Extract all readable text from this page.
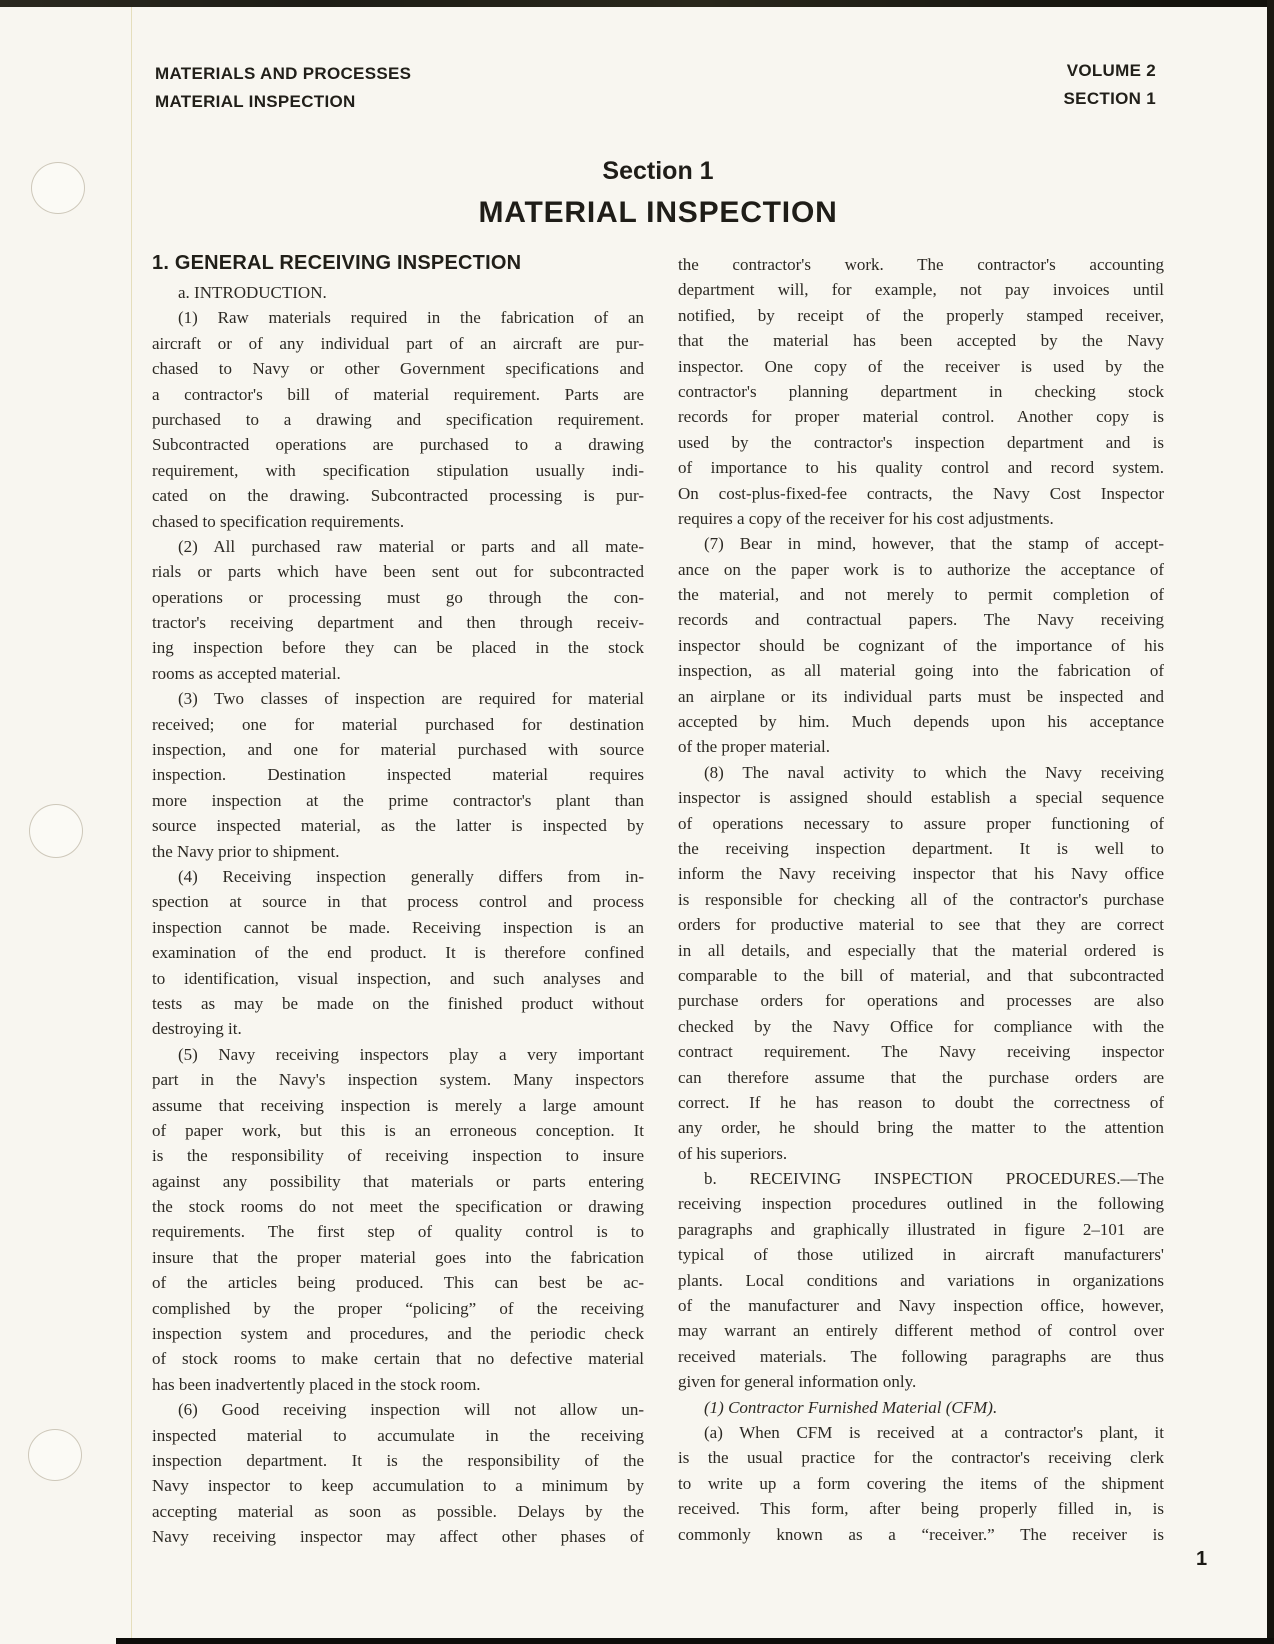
MATERIALS AND PROCESSES
MATERIAL INSPECTION
VOLUME 2
SECTION 1
Section 1
MATERIAL INSPECTION
1. GENERAL RECEIVING INSPECTION
a. INTRODUCTION.
(1) Raw materials required in the fabrication of an
aircraft or of any individual part of an aircraft are pur-
chased to Navy or other Government specifications and
a contractor's bill of material requirement. Parts are
purchased to a drawing and specification requirement.
Subcontracted operations are purchased to a drawing
requirement, with specification stipulation usually indi-
cated on the drawing. Subcontracted processing is pur-
chased to specification requirements.
(2) All purchased raw material or parts and all mate-
rials or parts which have been sent out for subcontracted
operations or processing must go through the con-
tractor's receiving department and then through receiv-
ing inspection before they can be placed in the stock
rooms as accepted material.
(3) Two classes of inspection are required for material
received; one for material purchased for destination
inspection, and one for material purchased with source
inspection. Destination inspected material requires
more inspection at the prime contractor's plant than
source inspected material, as the latter is inspected by
the Navy prior to shipment.
(4) Receiving inspection generally differs from in-
spection at source in that process control and process
inspection cannot be made. Receiving inspection is an
examination of the end product. It is therefore confined
to identification, visual inspection, and such analyses and
tests as may be made on the finished product without
destroying it.
(5) Navy receiving inspectors play a very important
part in the Navy's inspection system. Many inspectors
assume that receiving inspection is merely a large amount
of paper work, but this is an erroneous conception. It
is the responsibility of receiving inspection to insure
against any possibility that materials or parts entering
the stock rooms do not meet the specification or drawing
requirements. The first step of quality control is to
insure that the proper material goes into the fabrication
of the articles being produced. This can best be ac-
complished by the proper “policing” of the receiving
inspection system and procedures, and the periodic check
of stock rooms to make certain that no defective material
has been inadvertently placed in the stock room.
(6) Good receiving inspection will not allow un-
inspected material to accumulate in the receiving
inspection department. It is the responsibility of the
Navy inspector to keep accumulation to a minimum by
accepting material as soon as possible. Delays by the
Navy receiving inspector may affect other phases of
the contractor's work. The contractor's accounting
department will, for example, not pay invoices until
notified, by receipt of the properly stamped receiver,
that the material has been accepted by the Navy
inspector. One copy of the receiver is used by the
contractor's planning department in checking stock
records for proper material control. Another copy is
used by the contractor's inspection department and is
of importance to his quality control and record system.
On cost-plus-fixed-fee contracts, the Navy Cost Inspector
requires a copy of the receiver for his cost adjustments.
(7) Bear in mind, however, that the stamp of accept-
ance on the paper work is to authorize the acceptance of
the material, and not merely to permit completion of
records and contractual papers. The Navy receiving
inspector should be cognizant of the importance of his
inspection, as all material going into the fabrication of
an airplane or its individual parts must be inspected and
accepted by him. Much depends upon his acceptance
of the proper material.
(8) The naval activity to which the Navy receiving
inspector is assigned should establish a special sequence
of operations necessary to assure proper functioning of
the receiving inspection department. It is well to
inform the Navy receiving inspector that his Navy office
is responsible for checking all of the contractor's purchase
orders for productive material to see that they are correct
in all details, and especially that the material ordered is
comparable to the bill of material, and that subcontracted
purchase orders for operations and processes are also
checked by the Navy Office for compliance with the
contract requirement. The Navy receiving inspector
can therefore assume that the purchase orders are
correct. If he has reason to doubt the correctness of
any order, he should bring the matter to the attention
of his superiors.
b. RECEIVING INSPECTION PROCEDURES.—The
receiving inspection procedures outlined in the following
paragraphs and graphically illustrated in figure 2–101 are
typical of those utilized in aircraft manufacturers'
plants. Local conditions and variations in organizations
of the manufacturer and Navy inspection office, however,
may warrant an entirely different method of control over
received materials. The following paragraphs are thus
given for general information only.
(1) Contractor Furnished Material (CFM).
(a) When CFM is received at a contractor's plant, it
is the usual practice for the contractor's receiving clerk
to write up a form covering the items of the shipment
received. This form, after being properly filled in, is
commonly known as a “receiver.” The receiver is
1
